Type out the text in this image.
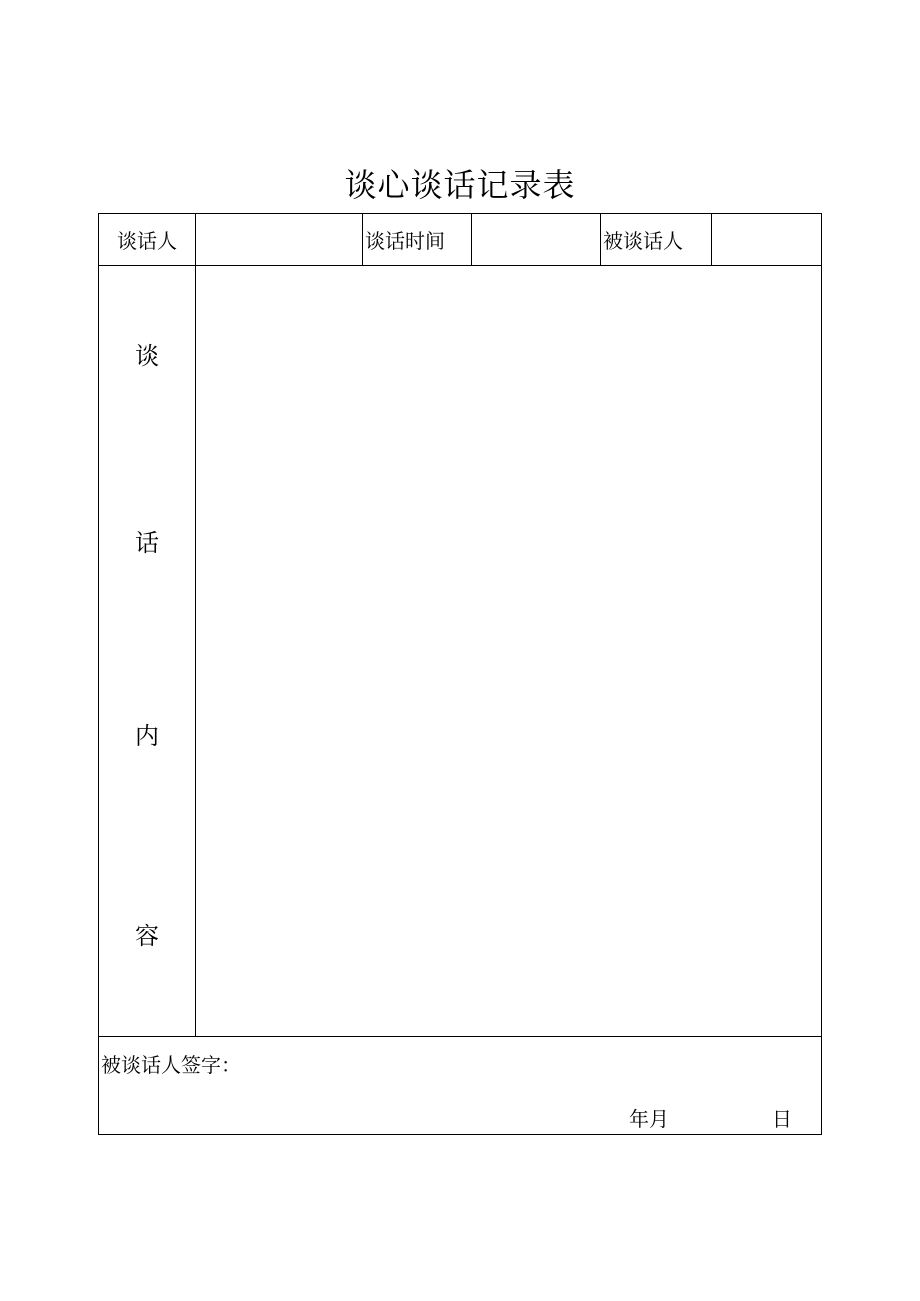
谈心谈话记录表
谈话人		谈话时间		被谈话人	

谈
话
内
容					

被谈话人签字：
年月 日					
